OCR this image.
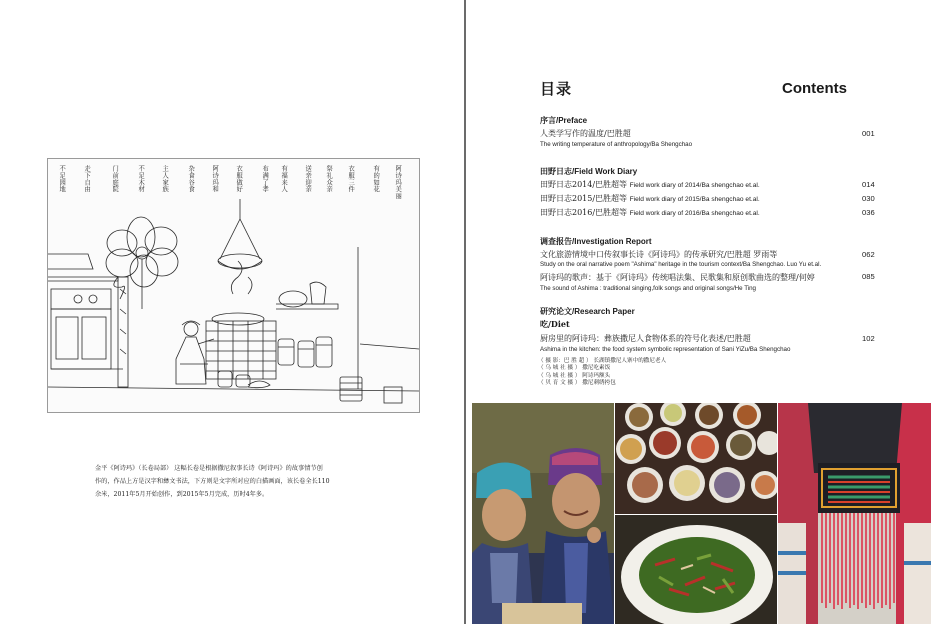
阿诗玛美丽
有的如花
衣服三件
祭礼众亲
送亲迎亲
有福来人
布满了孝
衣服做好
阿诗玛和
杂食谷食
主人家族
不足木材
门前庭院
走下自由
不足园地
金平《阿诗玛》（长卷局部） 这幅长卷是根据撒尼叙事长诗《阿诗玛》的故事情节创
作的，作品上方是汉字和彝文书法，下方则是文字所对应的白描画面，该长卷全长110
余米，2011年5月开始创作，到2015年5月完成，历时4年多。
目录	Contents
序言/Preface
人类学写作的温度/巴胜超	001
The writing temperature of anthropology/Ba Shengchao
田野日志/Field Work Diary
田野日志2014/巴胜超等 Field work diary of 2014/Ba shengchao et.al.	014
田野日志2015/巴胜超等 Field work diary of 2015/Ba shengchao et.al.	030
田野日志2016/巴胜超等 Field work diary of 2016/Ba shengchao et.al.	036
调查报告/Investigation Report
文化旅游情境中口传叙事长诗《阿诗玛》的传承研究/巴胜超 罗雨等	062
Study on the oral narrative poem "Ashima" heritage in the tourism context/Ba Shengchao. Luo Yu et.al.
阿诗玛的歌声：基于《阿诗玛》传统唱法集、民歌集和原创歌曲选的整理/何婷	085
The sound of Ashima : traditional singing,folk songs and original songs/He Ting
研究论文/Research Paper
吃/Diet
厨房里的阿诗玛：彝族撒尼人食物体系的符号化表述/巴胜超	102
Ashima in the kitchen: the food system symbolic representation of Sani YiZu/Ba Shengchao
（ 摄 影：巴 胜 超 ） 长湖镇撒尼人寨中的撒尼老人
（ 乌 城 社 摄 ） 撒尼吃素饭
（ 乌 城 社 摄 ） 阿诗玛额头
（ 贝 育 文 摄 ） 撒尼刺绣挎包
